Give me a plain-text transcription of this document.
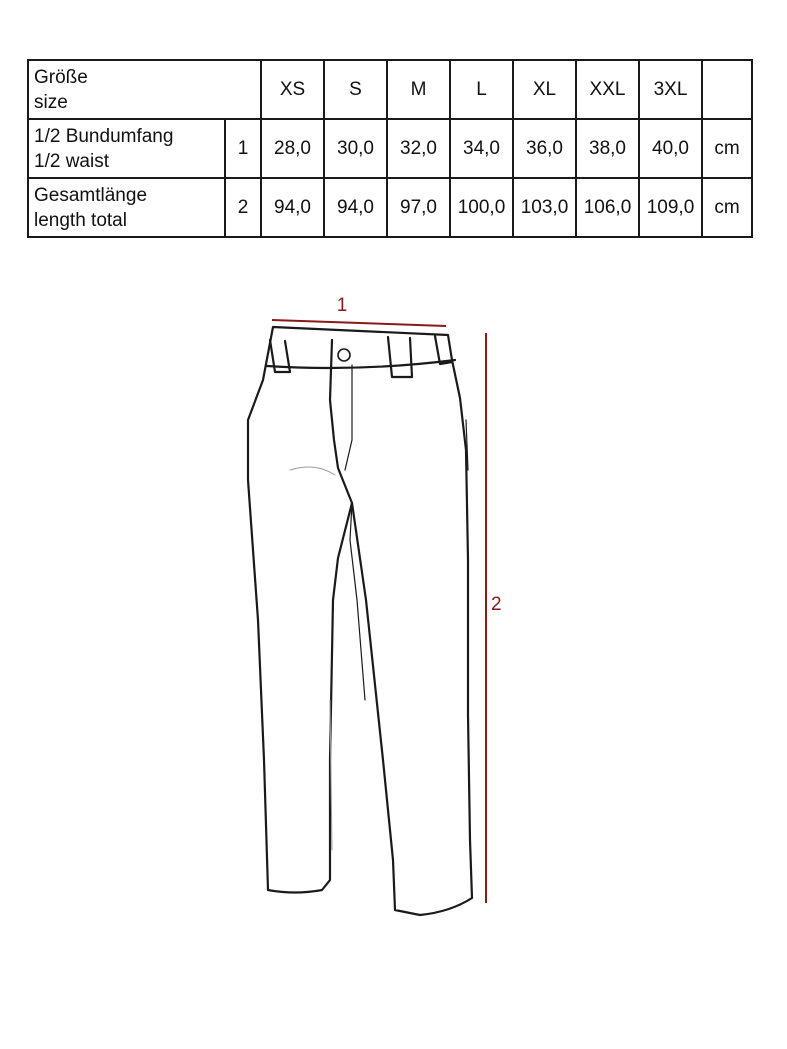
Größe
size		XS	S	M	L	XL	XXL	3XL	

1/2 Bundumfang
1/2 waist	1	28,0	30,0	32,0	34,0	36,0	38,0	40,0	cm

Gesamtlänge
length total	2	94,0	94,0	97,0	100,0	103,0	106,0	109,0	cm
1
2
